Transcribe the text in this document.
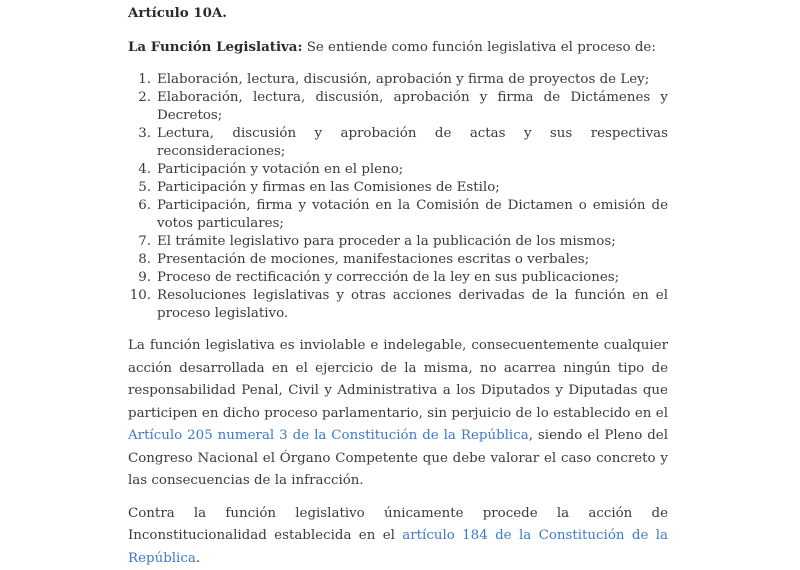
Artículo 10A.

La Función Legislativa: Se entiende como función legislativa el proceso de:

1. Elaboración, lectura, discusión, aprobación y firma de proyectos de Ley;
2. Elaboración, lectura, discusión, aprobación y firma de Dictámenes y Decretos;
3. Lectura, discusión y aprobación de actas y sus respectivas reconsideraciones;
4. Participación y votación en el pleno;
5. Participación y firmas en las Comisiones de Estilo;
6. Participación, firma y votación en la Comisión de Dictamen o emisión de votos particulares;
7. El trámite legislativo para proceder a la publicación de los mismos;
8. Presentación de mociones, manifestaciones escritas o verbales;
9. Proceso de rectificación y corrección de la ley en sus publicaciones;
10. Resoluciones legislativas y otras acciones derivadas de la función en el proceso legislativo.

La función legislativa es inviolable e indelegable, consecuentemente cualquier acción desarrollada en el ejercicio de la misma, no acarrea ningún tipo de responsabilidad Penal, Civil y Administrativa a los Diputados y Diputadas que participen en dicho proceso parlamentario, sin perjuicio de lo establecido en el Artículo 205 numeral 3 de la Constitución de la República, siendo el Pleno del Congreso Nacional el Órgano Competente que debe valorar el caso concreto y las consecuencias de la infracción.

Contra la función legislativo únicamente procede la acción de Inconstitucionalidad establecida en el artículo 184 de la Constitución de la República.
